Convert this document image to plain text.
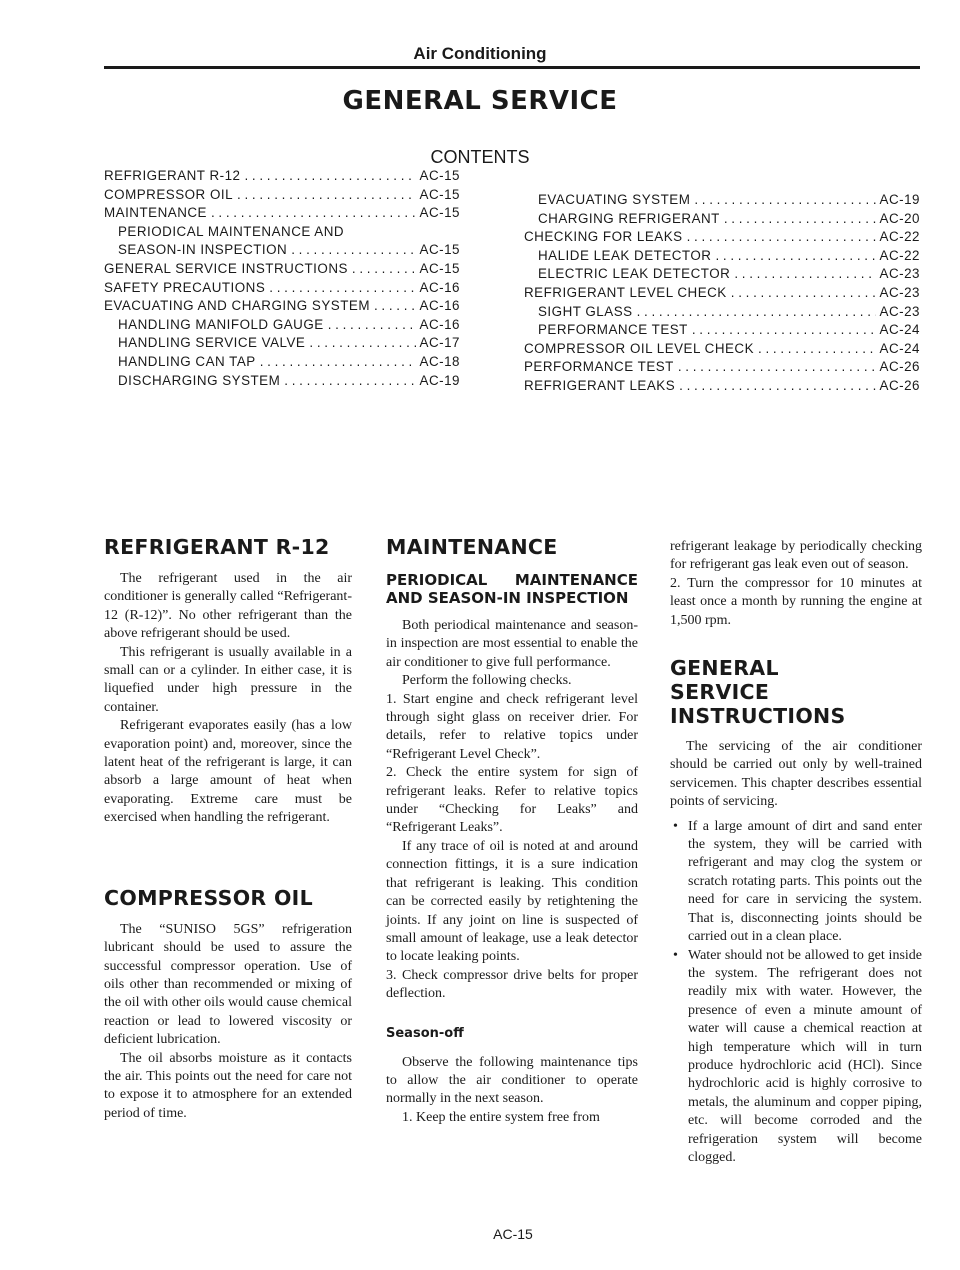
Air Conditioning
GENERAL SERVICE
CONTENTS
REFRIGERANT R-12 . . .	AC-15
COMPRESSOR OIL . . .	AC-15
MAINTENANCE . . .	AC-15
PERIODICAL MAINTENANCE AND
SEASON-IN INSPECTION . . .	AC-15
GENERAL SERVICE INSTRUCTIONS . . .	AC-15
SAFETY PRECAUTIONS . . .	AC-16
EVACUATING AND CHARGING SYSTEM . . .	AC-16
HANDLING MANIFOLD GAUGE . . .	AC-16
HANDLING SERVICE VALVE . . .	AC-17
HANDLING CAN TAP . . .	AC-18
DISCHARGING SYSTEM . . .	AC-19
EVACUATING SYSTEM . . .	AC-19
CHARGING REFRIGERANT . . .	AC-20
CHECKING FOR LEAKS . . .	AC-22
HALIDE LEAK DETECTOR . . .	AC-22
ELECTRIC LEAK DETECTOR . . .	AC-23
REFRIGERANT LEVEL CHECK . . .	AC-23
SIGHT GLASS . . .	AC-23
PERFORMANCE TEST . . .	AC-24
COMPRESSOR OIL LEVEL CHECK . . .	AC-24
PERFORMANCE TEST . . .	AC-26
REFRIGERANT LEAKS . . .	AC-26
REFRIGERANT R-12

The refrigerant used in the air conditioner is generally called “Refrigerant-12 (R-12)”. No other refrigerant than the above refrigerant should be used.

This refrigerant is usually available in a small can or a cylinder. In either case, it is liquefied under high pressure in the container.

Refrigerant evaporates easily (has a low evaporation point) and, moreover, since the latent heat of the refrigerant is large, it can absorb a large amount of heat when evaporating. Extreme care must be exercised when handling the refrigerant.

COMPRESSOR OIL

The “SUNISO 5GS” refrigeration lubricant should be used to assure the successful compressor operation. Use of oils other than recommended or mixing of the oil with other oils would cause chemical reaction or lead to lowered viscosity or deficient lubrication.

The oil absorbs moisture as it contacts the air. This points out the need for care not to expose it to atmosphere for an extended period of time.

MAINTENANCE
PERIODICAL MAINTENANCE AND SEASON-IN INSPECTION

Both periodical maintenance and season-in inspection are most essential to enable the air conditioner to give full performance.

Perform the following checks.

1. Start engine and check refrigerant level through sight glass on receiver drier. For details, refer to relative topics under “Refrigerant Level Check”.

2. Check the entire system for sign of refrigerant leaks. Refer to relative topics under “Checking for Leaks” and “Refrigerant Leaks”.

If any trace of oil is noted at and around connection fittings, it is a sure indication that refrigerant is leaking. This condition can be corrected easily by retightening the joints. If any joint on line is suspected of small amount of leakage, use a leak detector to locate leaking points.

3. Check compressor drive belts for proper deflection.

Season-off

Observe the following maintenance tips to allow the air conditioner to operate normally in the next season.

1. Keep the entire system free from

refrigerant leakage by periodically checking for refrigerant gas leak even out of season.

2. Turn the compressor for 10 minutes at least once a month by running the engine at 1,500 rpm.

GENERAL SERVICE INSTRUCTIONS

The servicing of the air conditioner should be carried out only by well-trained servicemen. This chapter describes essential points of servicing.

• If a large amount of dirt and sand enter the system, they will be carried with refrigerant and may clog the system or scratch rotating parts. This points out the need for care in servicing the system. That is, disconnecting joints should be carried out in a clean place.
• Water should not be allowed to get inside the system. The refrigerant does not readily mix with water. However, the presence of even a minute amount of water will cause a chemical reaction at high temperature which will in turn produce hydrochloric acid (HCl). Since hydrochloric acid is highly corrosive to metals, the aluminum and copper piping, etc. will become corroded and the refrigeration system will become clogged.
AC-15
